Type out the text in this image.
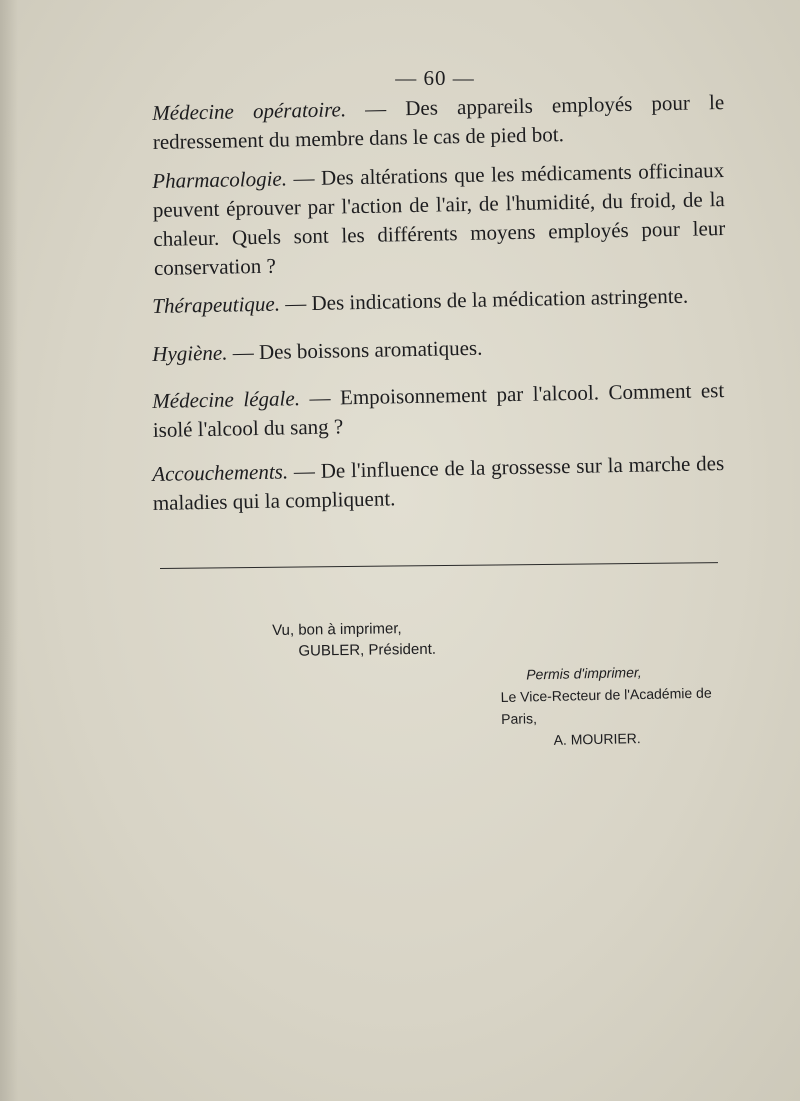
— 60 —
Médecine opératoire. — Des appareils employés pour le redressement du membre dans le cas de pied bot.
Pharmacologie. — Des altérations que les médicaments officinaux peuvent éprouver par l'action de l'air, de l'humidité, du froid, de la chaleur. Quels sont les différents moyens employés pour leur conservation ?
Thérapeutique. — Des indications de la médication astringente.
Hygiène. — Des boissons aromatiques.
Médecine légale. — Empoisonnement par l'alcool. Comment est isolé l'alcool du sang ?
Accouchements. — De l'influence de la grossesse sur la marche des maladies qui la compliquent.
Vu, bon à imprimer,
GUBLER, Président.
Permis d'imprimer,
Le Vice-Recteur de l'Académie de Paris,
A. MOURIER.
